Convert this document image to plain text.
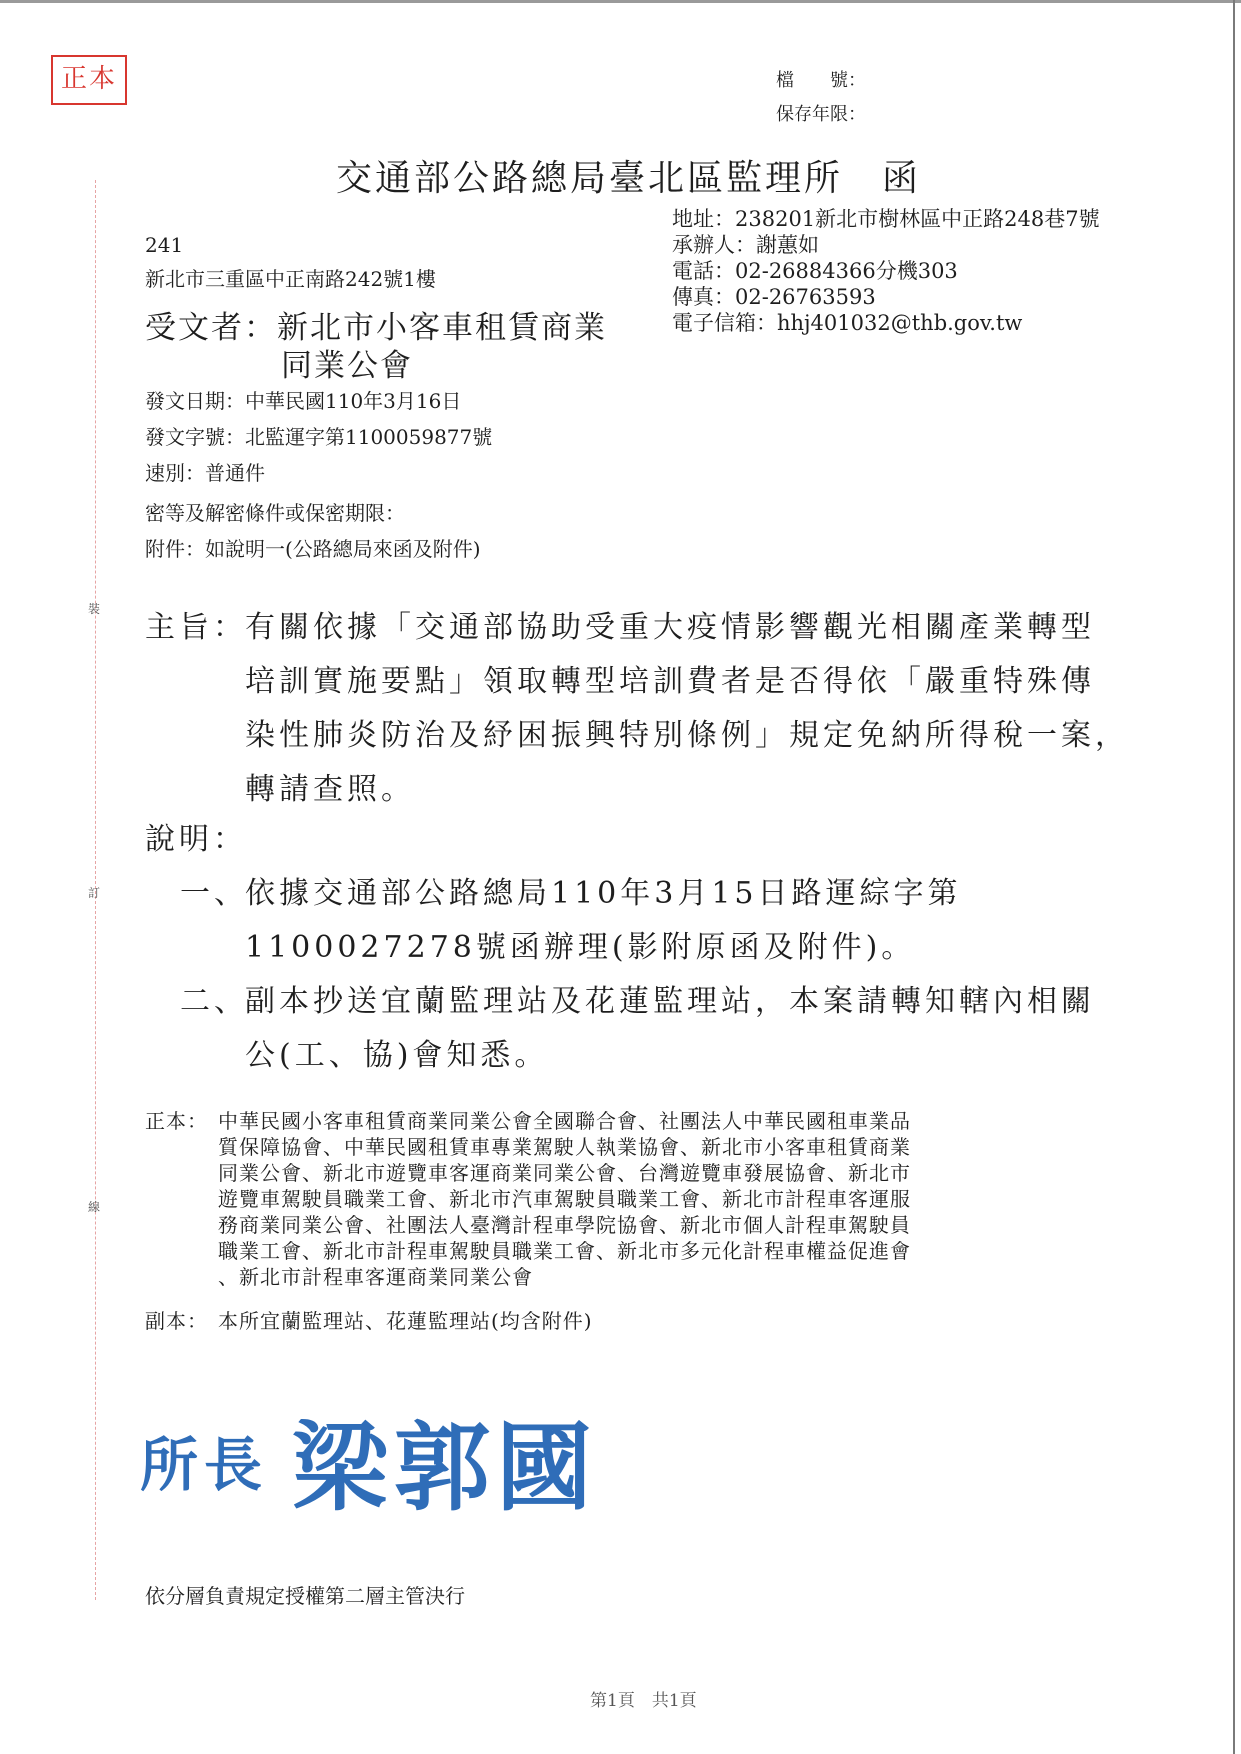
正本
裝
訂
線
檔　　號：
保存年限：
交通部公路總局臺北區監理所　函
地址：238201新北市樹林區中正路248巷7號
承辦人：謝蕙如
電話：02-26884366分機303
傳真：02-26763593
電子信箱：hhj401032@thb.gov.tw
241
新北市三重區中正南路242號1樓
受文者：新北市小客車租賃商業
同業公會
發文日期：中華民國110年3月16日
發文字號：北監運字第1100059877號
速別：普通件
密等及解密條件或保密期限：
附件：如說明一(公路總局來函及附件)
主旨：
有關依據「交通部協助受重大疫情影響觀光相關產業轉型
培訓實施要點」領取轉型培訓費者是否得依「嚴重特殊傳
染性肺炎防治及紓困振興特別條例」規定免納所得稅一案，
轉請查照。
說明：
一、
依據交通部公路總局110年3月15日路運綜字第
1100027278號函辦理(影附原函及附件)。
二、
副本抄送宜蘭監理站及花蓮監理站，本案請轉知轄內相關
公(工、協)會知悉。
正本： 中華民國小客車租賃商業同業公會全國聯合會、社團法人中華民國租車業品
質保障協會、中華民國租賃車專業駕駛人執業協會、新北市小客車租賃商業
同業公會、新北市遊覽車客運商業同業公會、台灣遊覽車發展協會、新北市
遊覽車駕駛員職業工會、新北市汽車駕駛員職業工會、新北市計程車客運服
務商業同業公會、社團法人臺灣計程車學院協會、新北市個人計程車駕駛員
職業工會、新北市計程車駕駛員職業工會、新北市多元化計程車權益促進會
、新北市計程車客運商業同業公會
副本： 本所宜蘭監理站、花蓮監理站(均含附件)
所長 梁郭國
依分層負責規定授權第二層主管決行
第1頁　共1頁
